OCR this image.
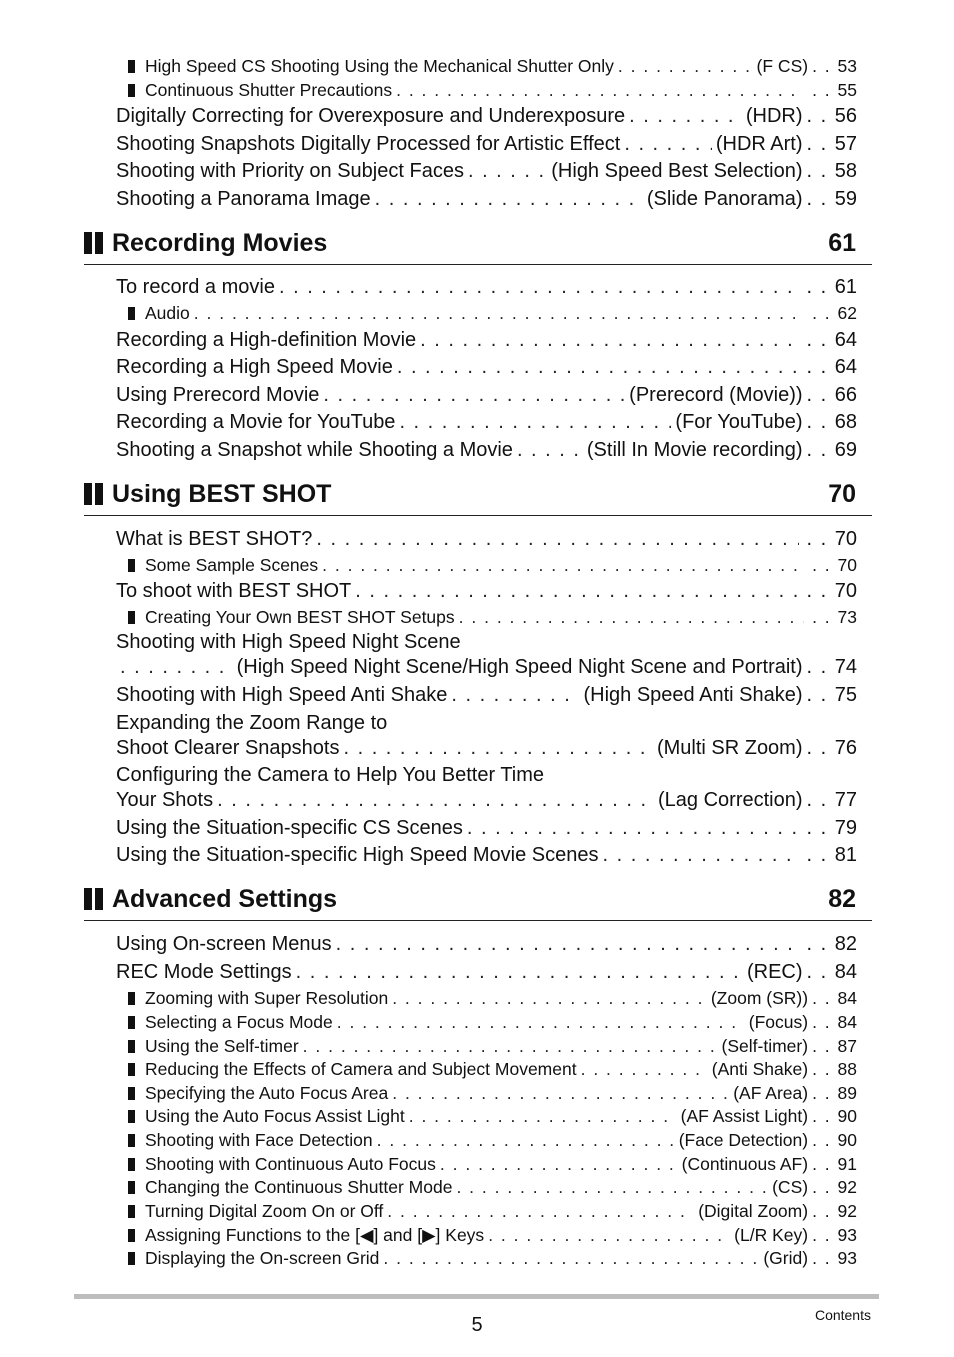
High Speed CS Shooting Using the Mechanical Shutter Only . . .	(F CS)	. . 53
Continuous Shutter Precautions . . .	. . 55
Digitally Correcting for Overexposure and Underexposure . . .	(HDR)	. . 56
Shooting Snapshots Digitally Processed for Artistic Effect . . .	(HDR Art)	. . 57
Shooting with Priority on Subject Faces . . .	(High Speed Best Selection)	. . 58
Shooting a Panorama Image . . .	(Slide Panorama)	. . 59
Recording Movies	61
To record a movie . . .	. . 61
Audio . . .	. . 62
Recording a High-definition Movie . . .	. . 64
Recording a High Speed Movie . . .	. . 64
Using Prerecord Movie . . .	(Prerecord (Movie))	. . 66
Recording a Movie for YouTube . . .	(For YouTube)	. . 68
Shooting a Snapshot while Shooting a Movie . . .	(Still In Movie recording)	. . 69
Using BEST SHOT	70
What is BEST SHOT? . . .	. . 70
Some Sample Scenes . . .	. . 70
To shoot with BEST SHOT . . .	. . 70
Creating Your Own BEST SHOT Setups . . .	. . 73
Shooting with High Speed Night Scene
. . .
(High Speed Night Scene/High Speed Night Scene and Portrait)	. . 74
Shooting with High Speed Anti Shake . . .	(High Speed Anti Shake)	. . 75
Expanding the Zoom Range to
Shoot Clearer Snapshots . . .	(Multi SR Zoom)	. . 76
Configuring the Camera to Help You Better Time
Your Shots . . .	(Lag Correction)	. . 77
Using the Situation-specific CS Scenes . . .	. . 79
Using the Situation-specific High Speed Movie Scenes . . .	. . 81
Advanced Settings	82
Using On-screen Menus . . .	. . 82
REC Mode Settings . . .	(REC)	. . 84
Zooming with Super Resolution . . .	(Zoom (SR))	. . 84
Selecting a Focus Mode . . .	(Focus)	. . 84
Using the Self-timer . . .	(Self-timer)	. . 87
Reducing the Effects of Camera and Subject Movement . . .	(Anti Shake)	. . 88
Specifying the Auto Focus Area . . .	(AF Area)	. . 89
Using the Auto Focus Assist Light . . .	(AF Assist Light)	. . 90
Shooting with Face Detection . . .	(Face Detection)	. . 90
Shooting with Continuous Auto Focus . . .	(Continuous AF)	. . 91
Changing the Continuous Shutter Mode . . .	(CS)	. . 92
Turning Digital Zoom On or Off . . .	(Digital Zoom)	. . 92
Assigning Functions to the [◀] and [▶] Keys . . .	(L/R Key)	. . 93
Displaying the On-screen Grid . . .	(Grid)	. . 93
5	Contents
